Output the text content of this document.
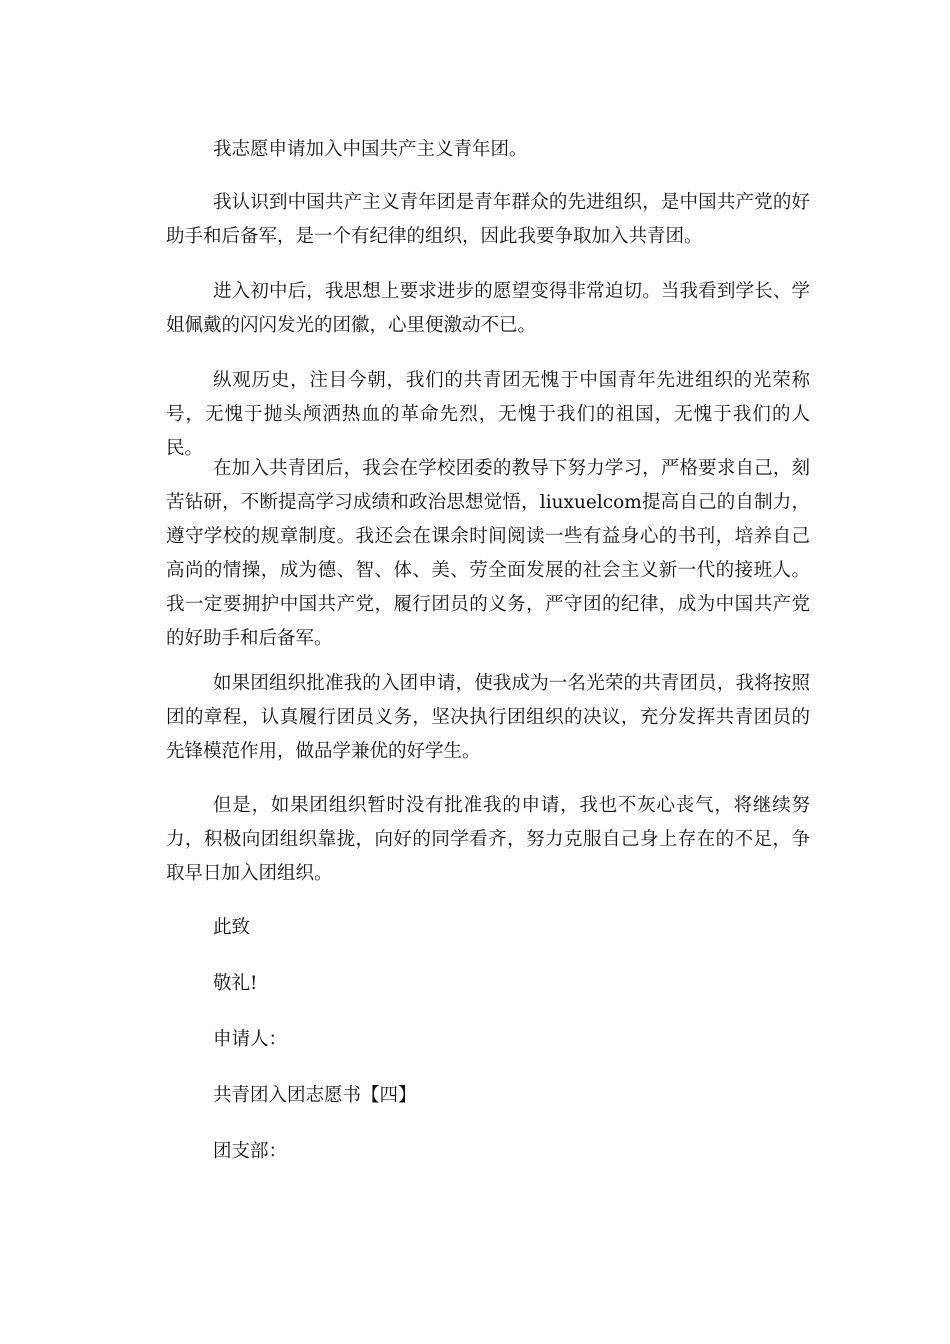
我志愿申请加入中国共产主义青年团。

我认识到中国共产主义青年团是青年群众的先进组织，是中国共产党的好助手和后备军，是一个有纪律的组织，因此我要争取加入共青团。

进入初中后，我思想上要求进步的愿望变得非常迫切。当我看到学长、学姐佩戴的闪闪发光的团徽，心里便激动不已。

纵观历史，注目今朝，我们的共青团无愧于中国青年先进组织的光荣称号，无愧于抛头颅洒热血的革命先烈，无愧于我们的祖国，无愧于我们的人民。

在加入共青团后，我会在学校团委的教导下努力学习，严格要求自己，刻苦钻研，不断提高学习成绩和政治思想觉悟，liuxuelcom提高自己的自制力，遵守学校的规章制度。我还会在课余时间阅读一些有益身心的书刊，培养自己高尚的情操，成为德、智、体、美、劳全面发展的社会主义新一代的接班人。我一定要拥护中国共产党，履行团员的义务，严守团的纪律，成为中国共产党的好助手和后备军。

如果团组织批准我的入团申请，使我成为一名光荣的共青团员，我将按照团的章程，认真履行团员义务，坚决执行团组织的决议，充分发挥共青团员的先锋模范作用，做品学兼优的好学生。

但是，如果团组织暂时没有批准我的申请，我也不灰心丧气，将继续努力，积极向团组织靠拢，向好的同学看齐，努力克服自己身上存在的不足，争取早日加入团组织。

此致

敬礼!

申请人：

共青团入团志愿书【四】

团支部：
